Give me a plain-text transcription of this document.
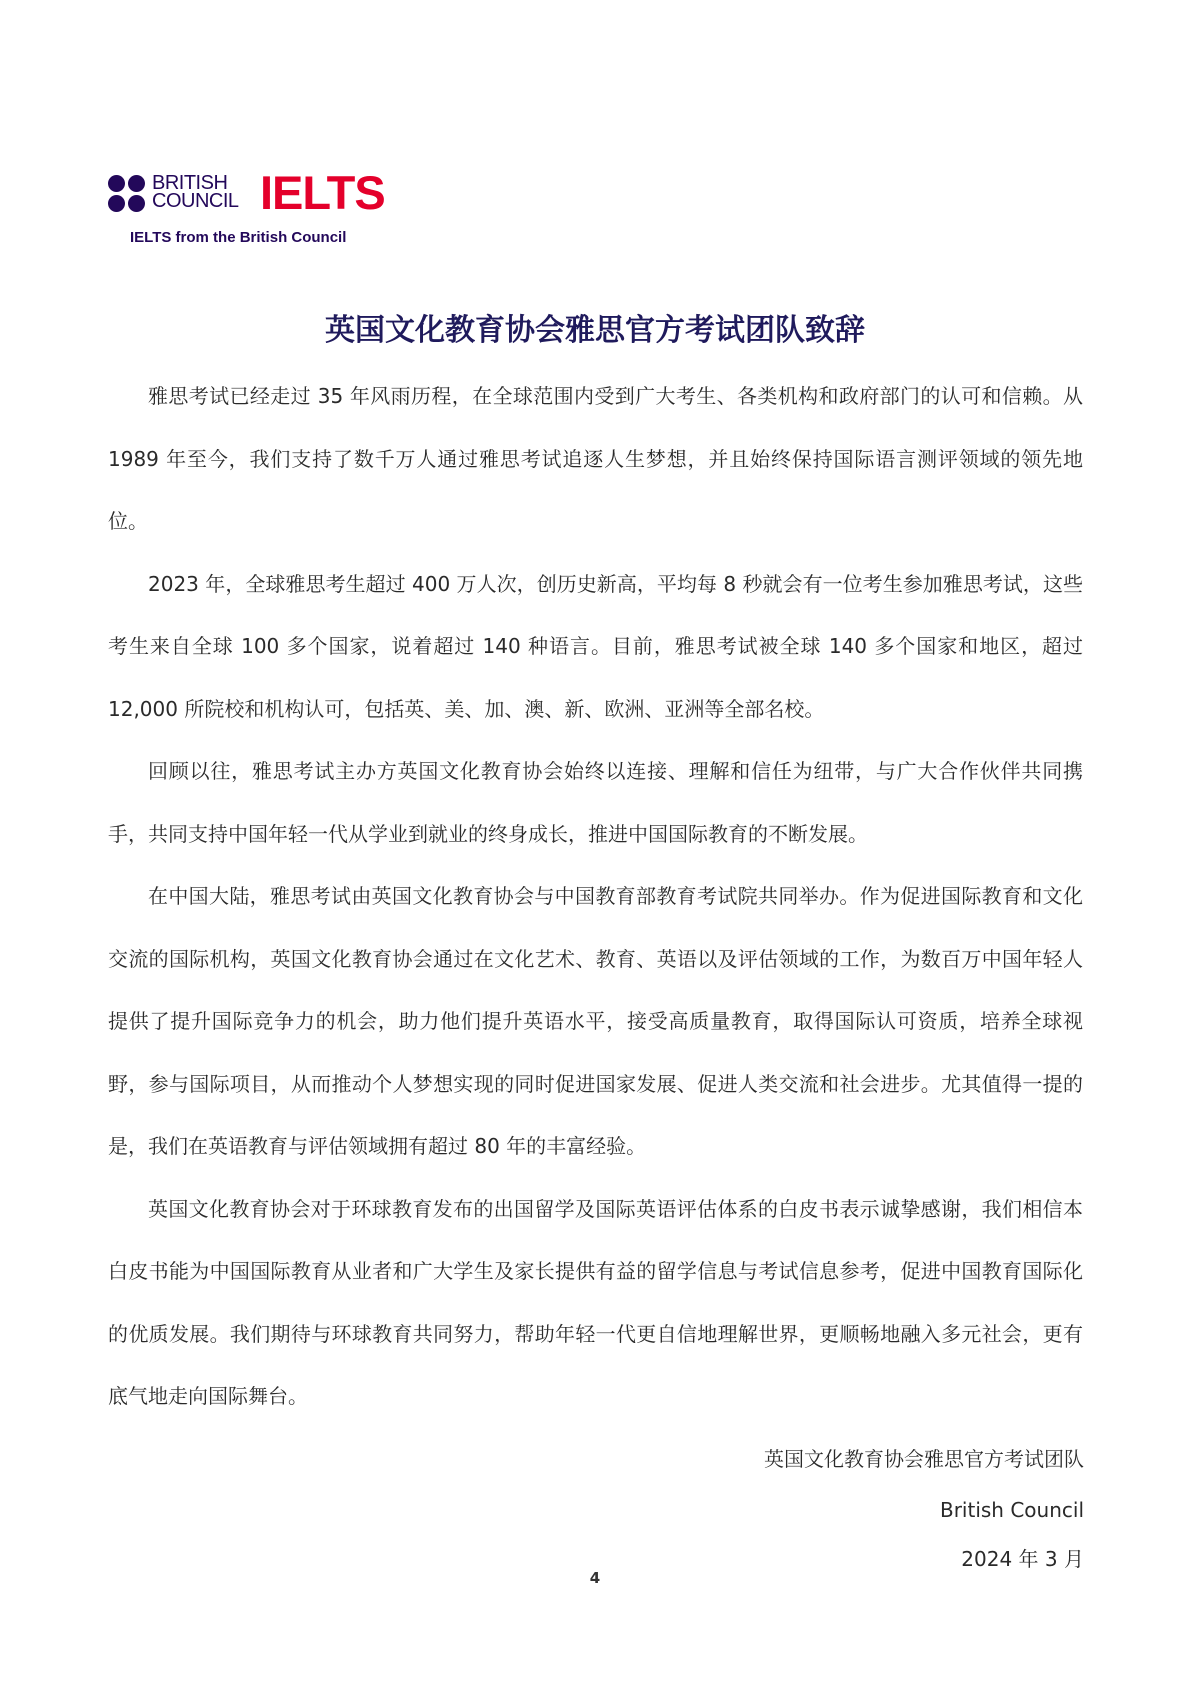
BRITISH
COUNCIL IELTS
IELTS from the British Council
英国文化教育协会雅思官方考试团队致辞

雅思考试已经走过 35 年风雨历程，在全球范围内受到广大考生、各类机构和政府部门的认可和信赖。从 1989 年至今，我们支持了数千万人通过雅思考试追逐人生梦想，并且始终保持国际语言测评领域的领先地位。

2023 年，全球雅思考生超过 400 万人次，创历史新高，平均每 8 秒就会有一位考生参加雅思考试，这些考生来自全球 100 多个国家，说着超过 140 种语言。目前，雅思考试被全球 140 多个国家和地区，超过 12,000 所院校和机构认可，包括英、美、加、澳、新、欧洲、亚洲等全部名校。

回顾以往，雅思考试主办方英国文化教育协会始终以连接、理解和信任为纽带，与广大合作伙伴共同携手，共同支持中国年轻一代从学业到就业的终身成长，推进中国国际教育的不断发展。

在中国大陆，雅思考试由英国文化教育协会与中国教育部教育考试院共同举办。作为促进国际教育和文化交流的国际机构，英国文化教育协会通过在文化艺术、教育、英语以及评估领域的工作，为数百万中国年轻人提供了提升国际竞争力的机会，助力他们提升英语水平，接受高质量教育，取得国际认可资质，培养全球视野，参与国际项目，从而推动个人梦想实现的同时促进国家发展、促进人类交流和社会进步。尤其值得一提的是，我们在英语教育与评估领域拥有超过 80 年的丰富经验。

英国文化教育协会对于环球教育发布的出国留学及国际英语评估体系的白皮书表示诚挚感谢，我们相信本白皮书能为中国国际教育从业者和广大学生及家长提供有益的留学信息与考试信息参考，促进中国教育国际化的优质发展。我们期待与环球教育共同努力，帮助年轻一代更自信地理解世界，更顺畅地融入多元社会，更有底气地走向国际舞台。

英国文化教育协会雅思官方考试团队
British Council
2024 年 3 月
4
